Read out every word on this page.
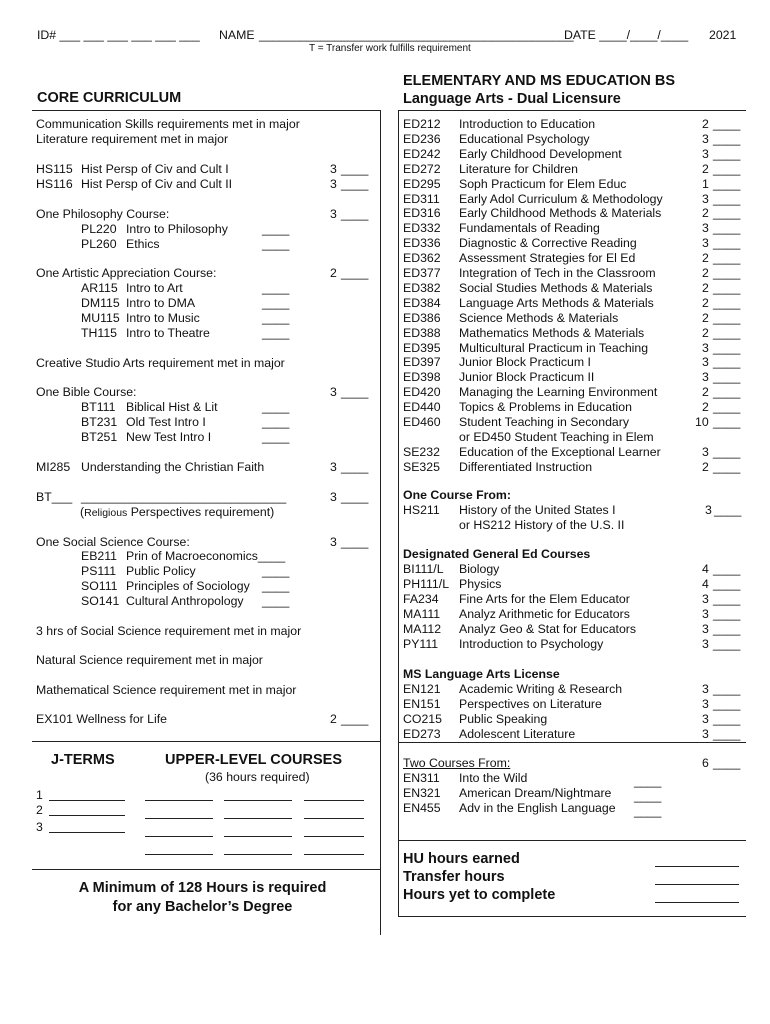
ID# ___ ___ ___ ___ ___ ___ NAME ______________________________________________
DATE ____/____/____ 2021
T = Transfer work fulfills requirement
CORE CURRICULUM
ELEMENTARY AND MS EDUCATION BS
Language Arts - Dual Licensure
Communication Skills requirements met in major
Literature requirement met in major
HS115 Hist Persp of Civ and Cult I	3 ____
HS116 Hist Persp of Civ and Cult II	3 ____
One Philosophy Course:	3 ____
PL220 Intro to Philosophy	____
PL260 Ethics	____
One Artistic Appreciation Course:	2 ____
AR115 Intro to Art	____
DM115 Intro to DMA	____
MU115 Intro to Music	____
TH115 Intro to Theatre	____
Creative Studio Arts requirement met in major
One Bible Course:	3 ____
BT111 Biblical Hist & Lit	____
BT231 Old Test Intro I	____
BT251 New Test Intro I	____
MI285 Understanding the Christian Faith	3 ____
BT___ ______________________________	3 ____
(Religious Perspectives requirement)
One Social Science Course:	3 ____
EB211 Prin of Macroeconomics____
PS111 Public Policy	____
SO111 Principles of Sociology ____
SO141 Cultural Anthropology ____
3 hrs of Social Science requirement met in major
Natural Science requirement met in major
Mathematical Science requirement met in major
EX101 Wellness for Life	2 ____
J-TERMS	UPPER-LEVEL COURSES
(36 hours required)
1
2
3
A Minimum of 128 Hours is required
for any Bachelor’s Degree
ED212 Introduction to Education	2 ____
ED236 Educational Psychology	3 ____
ED242 Early Childhood Development	3 ____
ED272 Literature for Children	2 ____
ED295 Soph Practicum for Elem Educ	1 ____
ED311 Early Adol Curriculum & Methodology	3 ____
ED316 Early Childhood Methods & Materials	2 ____
ED332 Fundamentals of Reading	3 ____
ED336 Diagnostic & Corrective Reading	3 ____
ED362 Assessment Strategies for El Ed	2 ____
ED377 Integration of Tech in the Classroom	2 ____
ED382 Social Studies Methods & Materials	2 ____
ED384 Language Arts Methods & Materials	2 ____
ED386 Science Methods & Materials	2 ____
ED388 Mathematics Methods & Materials	2 ____
ED395 Multicultural Practicum in Teaching	3 ____
ED397 Junior Block Practicum I	3 ____
ED398 Junior Block Practicum II	3 ____
ED420 Managing the Learning Environment	2 ____
ED440 Topics & Problems in Education	2 ____
ED460 Student Teaching in Secondary	10 ____
or ED450 Student Teaching in Elem
SE232 Education of the Exceptional Learner	3 ____
SE325 Differentiated Instruction	2 ____
One Course From:
HS211 History of the United States I	3 ____
or HS212 History of the U.S. II
Designated General Ed Courses
BI111/L Biology	4 ____
PH111/L Physics	4 ____
FA234 Fine Arts for the Elem Educator	3 ____
MA111 Analyz Arithmetic for Educators	3 ____
MA112 Analyz Geo & Stat for Educators	3 ____
PY111 Introduction to Psychology	3 ____
MS Language Arts License
EN121 Academic Writing & Research	3 ____
EN151 Perspectives on Literature	3 ____
CO215 Public Speaking	3 ____
ED273 Adolescent Literature	3 ____
Two Courses From:	6 ____
EN311 Into the Wild	____
EN321 American Dream/Nightmare ____
EN455 Adv in the English Language ____
HU hours earned
Transfer hours
Hours yet to complete
